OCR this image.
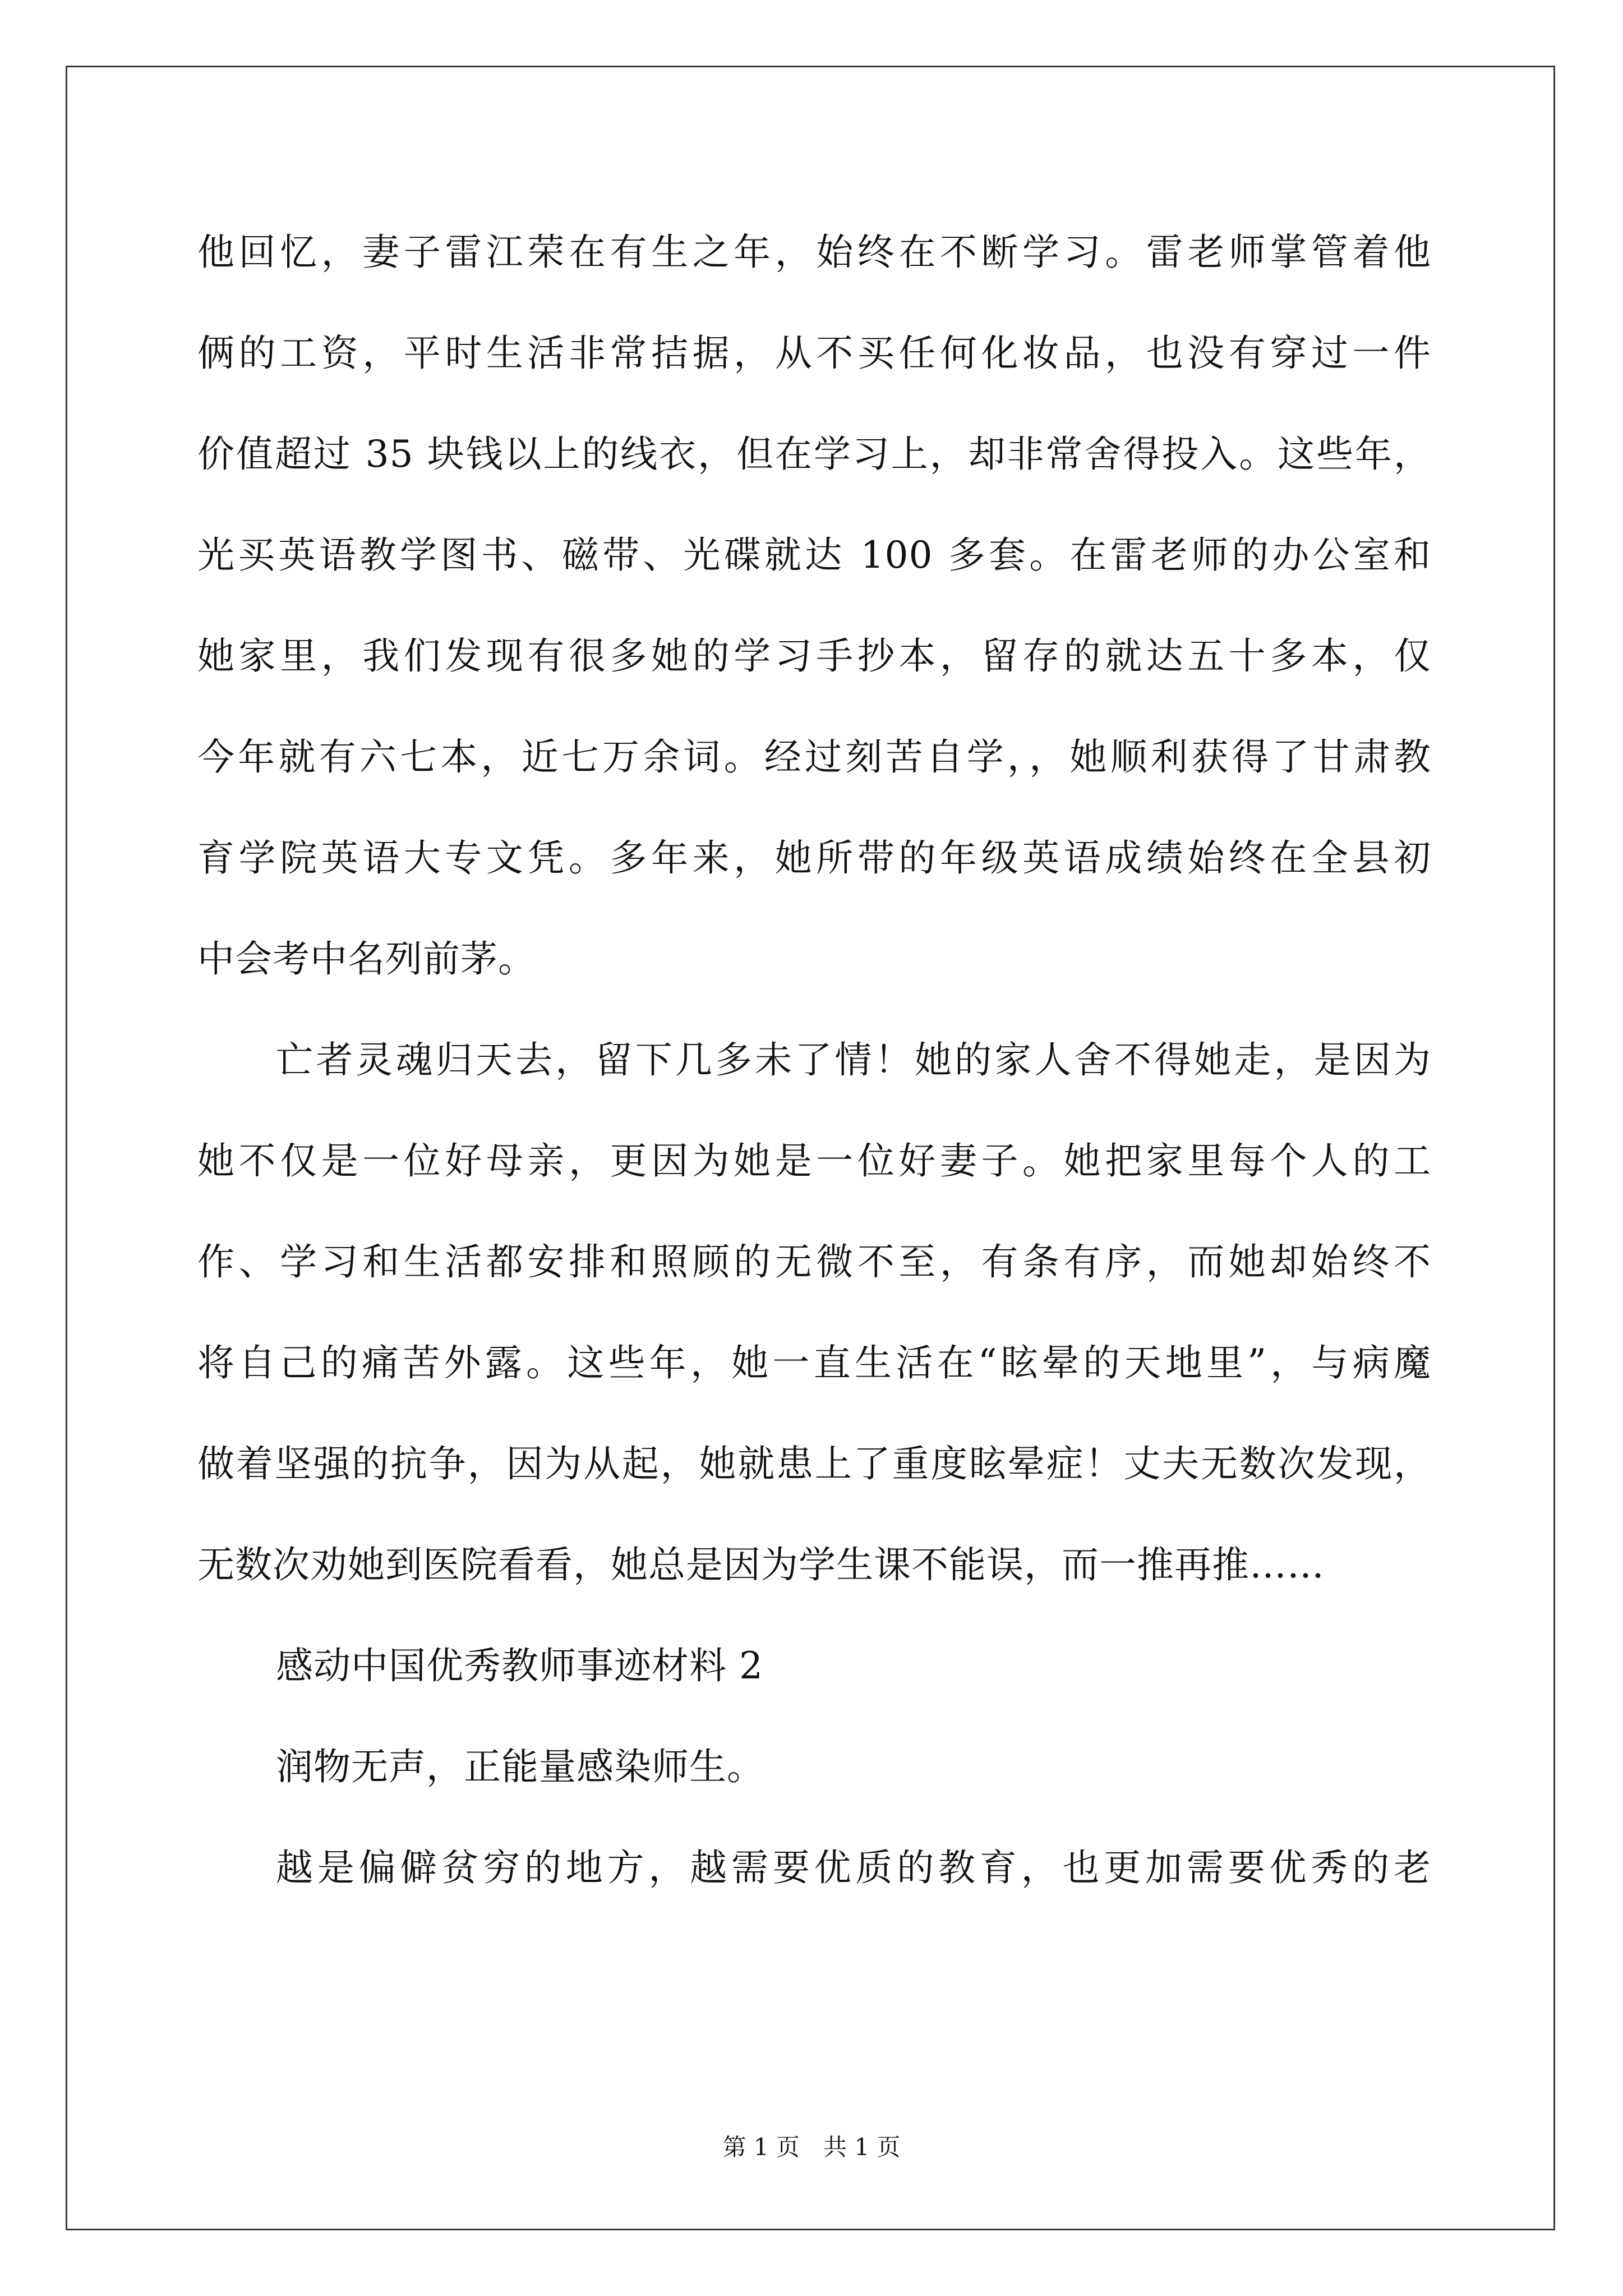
他回忆，妻子雷江荣在有生之年，始终在不断学习。雷老师掌管着他
俩的工资，平时生活非常拮据，从不买任何化妆品，也没有穿过一件
价值超过 35 块钱以上的线衣，但在学习上，却非常舍得投入。这些年，
光买英语教学图书、磁带、光碟就达 100 多套。在雷老师的办公室和
她家里，我们发现有很多她的学习手抄本，留存的就达五十多本，仅
今年就有六七本，近七万余词。经过刻苦自学，，她顺利获得了甘肃教
育学院英语大专文凭。多年来，她所带的年级英语成绩始终在全县初
中会考中名列前茅。
亡者灵魂归天去，留下几多未了情！她的家人舍不得她走，是因为
她不仅是一位好母亲，更因为她是一位好妻子。她把家里每个人的工
作、学习和生活都安排和照顾的无微不至，有条有序，而她却始终不
将自己的痛苦外露。这些年，她一直生活在“眩晕的天地里”，与病魔
做着坚强的抗争，因为从起，她就患上了重度眩晕症！丈夫无数次发现，
无数次劝她到医院看看，她总是因为学生课不能误，而一推再推……
感动中国优秀教师事迹材料 2
润物无声，正能量感染师生。
越是偏僻贫穷的地方，越需要优质的教育，也更加需要优秀的老
第 1 页　共 1 页
